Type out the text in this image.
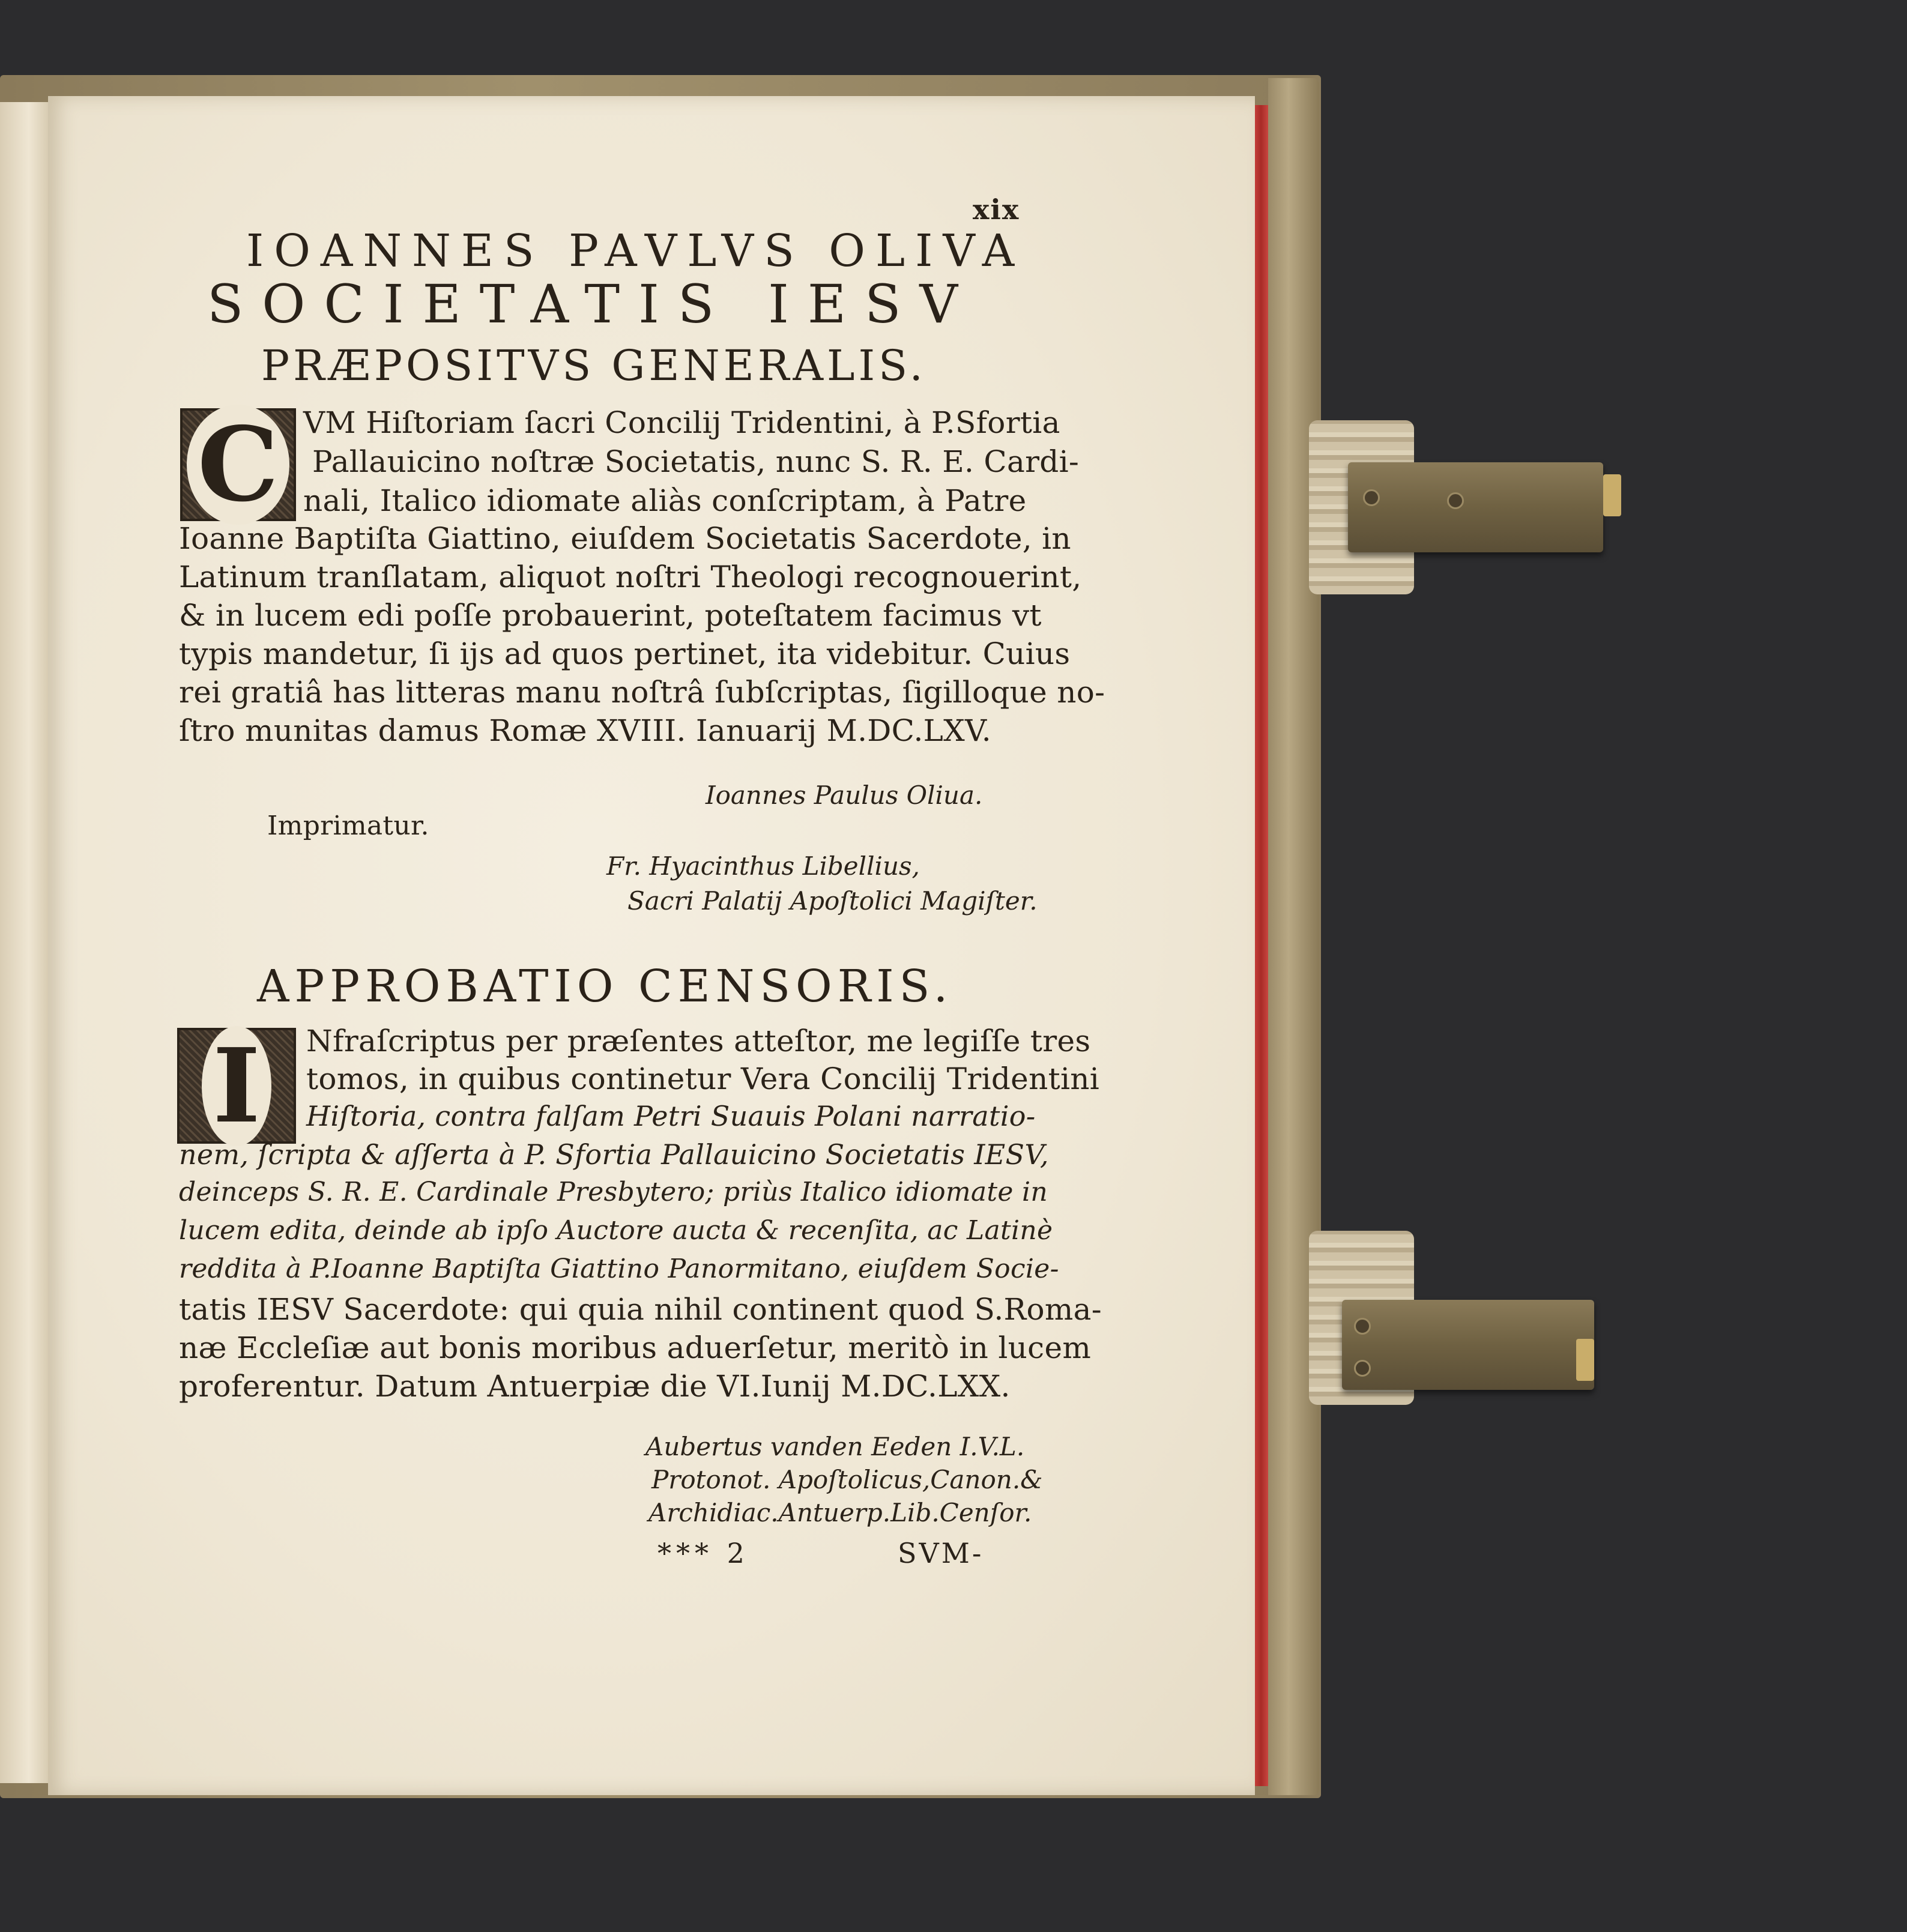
xix
IOANNES PAVLVS OLIVA
SOCIETATIS IESV
PRÆPOSITVS GENERALIS.
C VM Hiſtoriam ſacri Concilij Tridentini, à P.Sfortia
Pallauicino noſtræ Societatis, nunc S. R. E. Cardi-
nali, Italico idiomate aliàs conſcriptam, à Patre
Ioanne Baptiſta Giattino, eiuſdem Societatis Sacerdote, in
Latinum tranſlatam, aliquot noſtri Theologi recognouerint,
& in lucem edi poſſe probauerint, poteſtatem facimus vt
typis mandetur, ſi ijs ad quos pertinet, ita videbitur. Cuius
rei gratiâ has litteras manu noſtrâ ſubſcriptas, ſigilloque no-
ſtro munitas damus Romæ XVIII. Ianuarij M.DC.LXV.
Ioannes Paulus Oliua.
Imprimatur.
Fr. Hyacinthus Libellius,
Sacri Palatij Apoſtolici Magiſter.
APPROBATIO CENSORIS.
I	Nfraſcriptus per præſentes atteſtor, me legiſſe tres
tomos, in quibus continetur Vera Concilij Tridentini
Hiſtoria, contra falſam Petri Suauis Polani narratio-
nem, ſcripta & aſſerta à P. Sfortia Pallauicino Societatis IESV,
deinceps S. R. E. Cardinale Presbytero; priùs Italico idiomate in
lucem edita, deinde ab ipſo Auctore aucta & recenſita, ac Latinè
reddita à P.Ioanne Baptiſta Giattino Panormitano, eiuſdem Socie-
tatis IESV Sacerdote: qui quia nihil continent quod S.Roma-
næ Eccleſiæ aut bonis moribus aduerſetur, meritò in lucem
proferentur. Datum Antuerpiæ die VI.Iunij M.DC.LXX.
Aubertus vanden Eeden I.V.L.
Protonot. Apoſtolicus,Canon.&
Archidiac.Antuerp.Lib.Cenſor.
*** 2	SVM-
